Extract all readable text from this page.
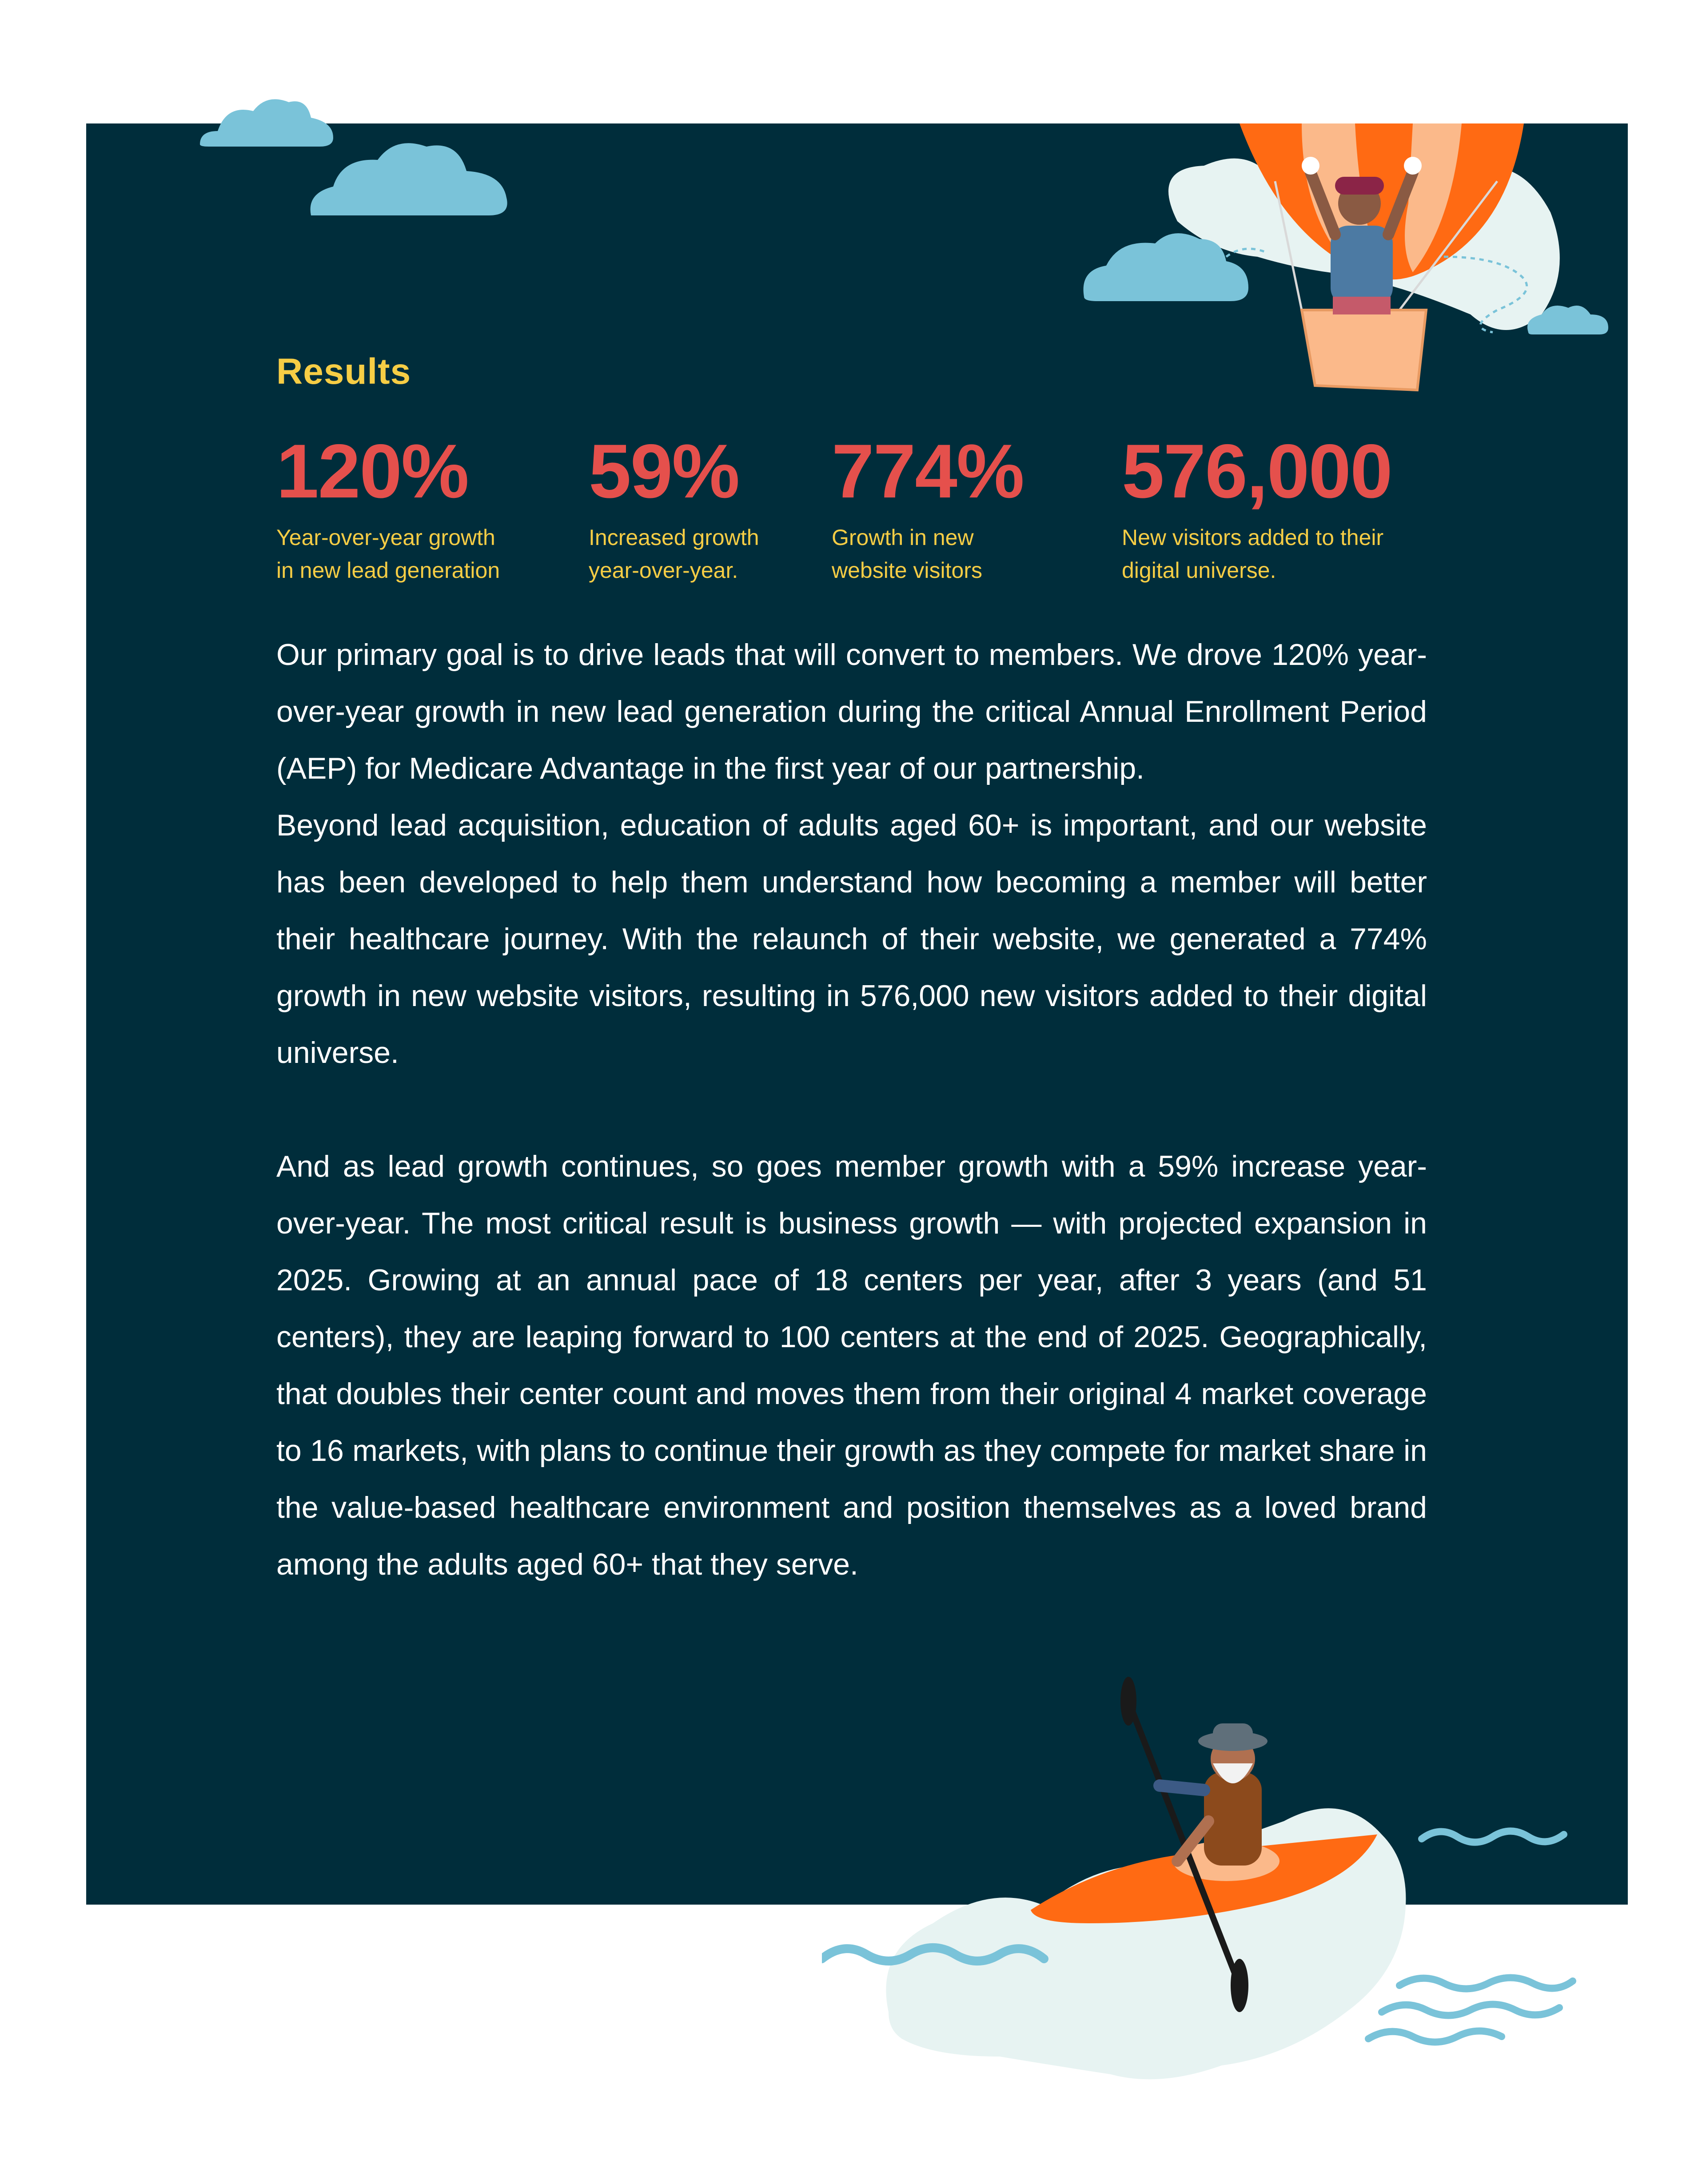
Results
120%
Year-over-year growth
in new lead generation
59%
Increased growth
year-over-year.
774%
Growth in new
website visitors
576,000
New visitors added to their
digital universe.

Our primary goal is to drive leads that will convert to members. We drove 120% year-over-year growth in new lead generation during the critical Annual Enrollment Period (AEP) for Medicare Advantage in the first year of our partnership.

Beyond lead acquisition, education of adults aged 60+ is important, and our website has been developed to help them understand how becoming a member will better their healthcare journey. With the relaunch of their website, we generated a 774% growth in new website visitors, resulting in 576,000 new visitors added to their digital universe.

And as lead growth continues, so goes member growth with a 59% increase year-over-year. The most critical result is business growth — with projected expansion in 2025. Growing at an annual pace of 18 centers per year, after 3 years (and 51 centers), they are leaping forward to 100 centers at the end of 2025. Geographically, that doubles their center count and moves them from their original 4 market coverage to 16 markets, with plans to continue their growth as they compete for market share in the value-based healthcare environment and position themselves as a loved brand among the adults aged 60+ that they serve.
